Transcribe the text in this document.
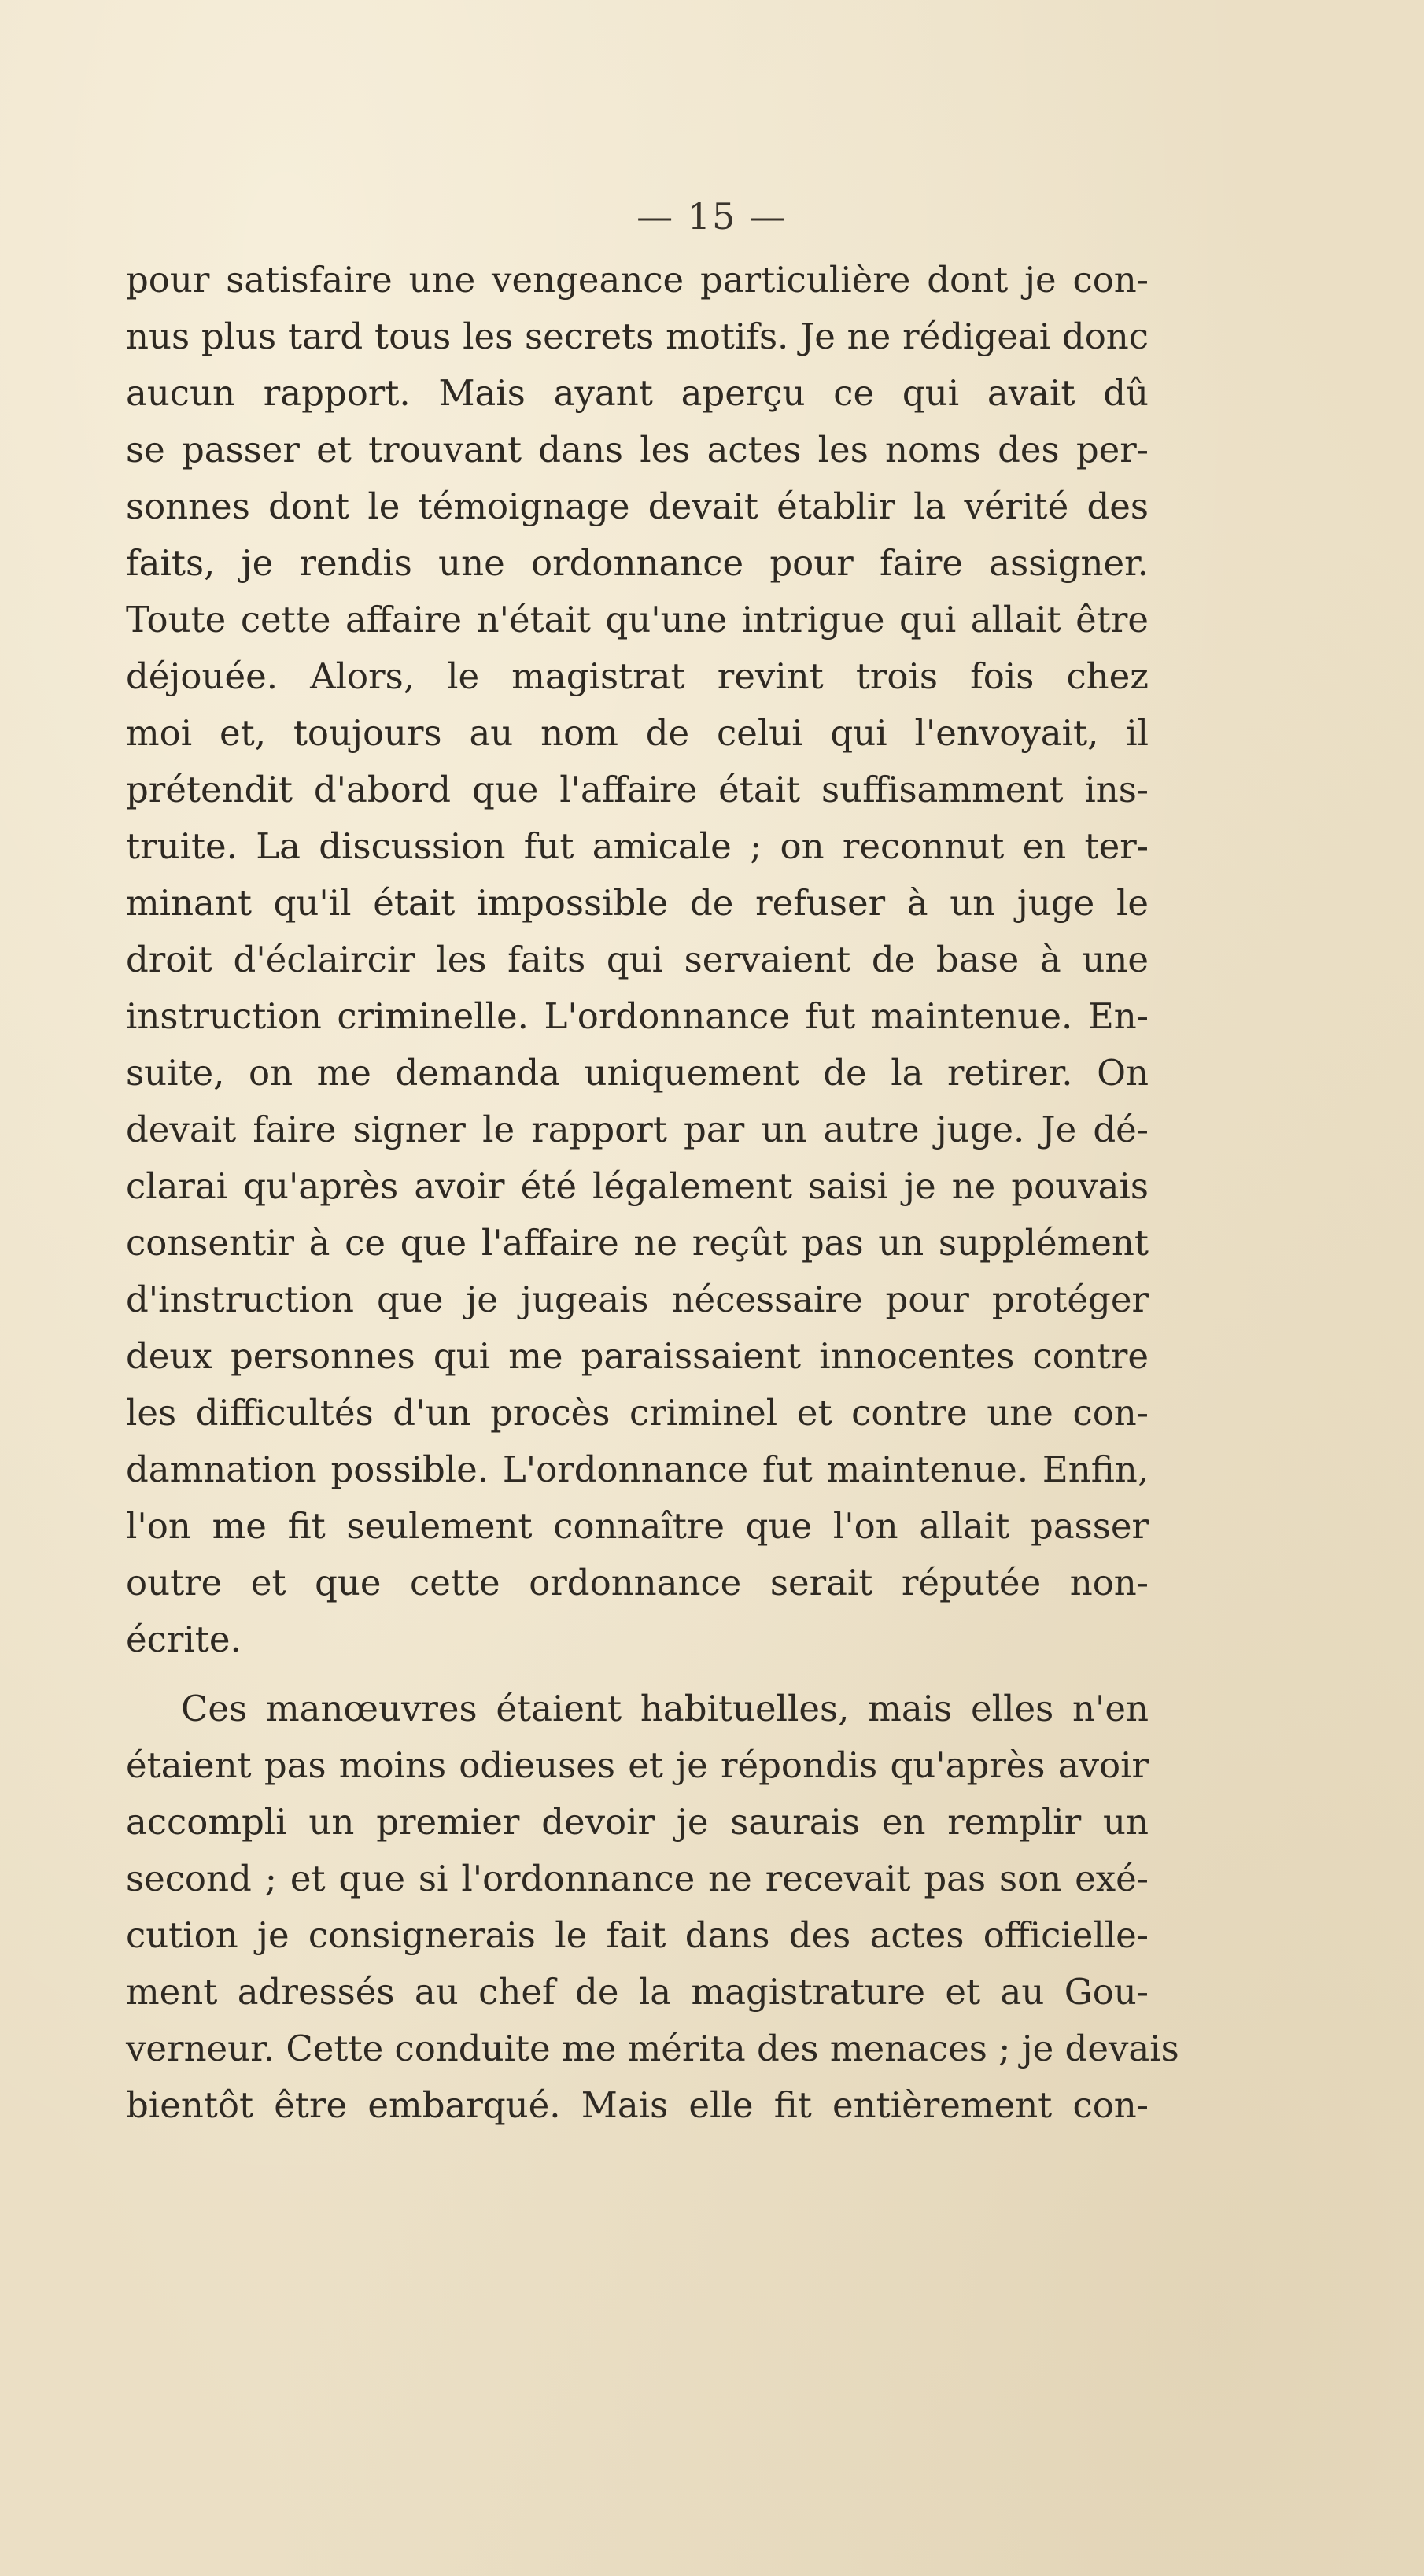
— 15 —
pour satisfaire une vengeance particulière dont je con-
nus plus tard tous les secrets motifs. Je ne rédigeai donc
aucun rapport. Mais ayant aperçu ce qui avait dû
se passer et trouvant dans les actes les noms des per-
sonnes dont le témoignage devait établir la vérité des
faits, je rendis une ordonnance pour faire assigner.
Toute cette affaire n'était qu'une intrigue qui allait être
déjouée. Alors, le magistrat revint trois fois chez
moi et, toujours au nom de celui qui l'envoyait, il
prétendit d'abord que l'affaire était suffisamment ins-
truite. La discussion fut amicale ; on reconnut en ter-
minant qu'il était impossible de refuser à un juge le
droit d'éclaircir les faits qui servaient de base à une
instruction criminelle. L'ordonnance fut maintenue. En-
suite, on me demanda uniquement de la retirer. On
devait faire signer le rapport par un autre juge. Je dé-
clarai qu'après avoir été légalement saisi je ne pouvais
consentir à ce que l'affaire ne reçût pas un supplément
d'instruction que je jugeais nécessaire pour protéger
deux personnes qui me paraissaient innocentes contre
les difficultés d'un procès criminel et contre une con-
damnation possible. L'ordonnance fut maintenue. Enfin,
l'on me fit seulement connaître que l'on allait passer
outre et que cette ordonnance serait réputée non-
écrite.
Ces manœuvres étaient habituelles, mais elles n'en
étaient pas moins odieuses et je répondis qu'après avoir
accompli un premier devoir je saurais en remplir un
second ; et que si l'ordonnance ne recevait pas son exé-
cution je consignerais le fait dans des actes officielle-
ment adressés au chef de la magistrature et au Gou-
verneur. Cette conduite me mérita des menaces ; je devais
bientôt être embarqué. Mais elle fit entièrement con-
